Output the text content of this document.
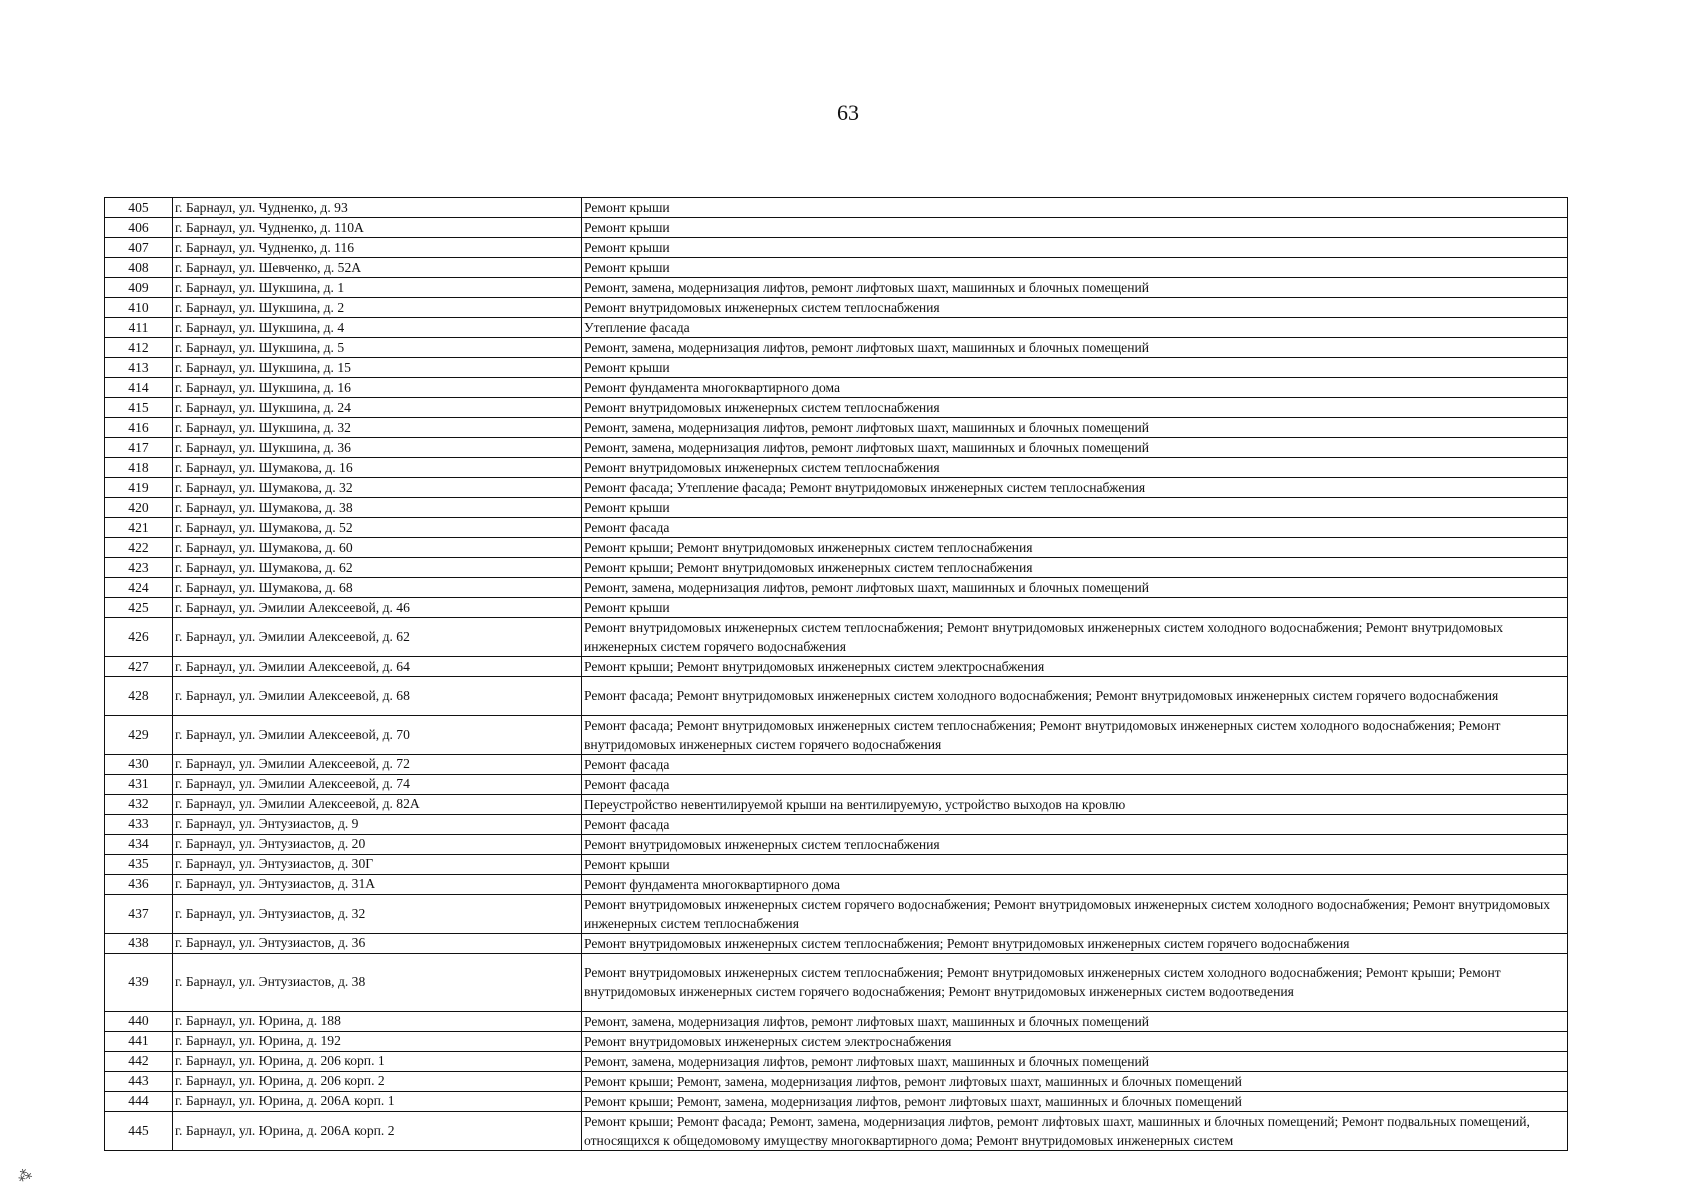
63
405	г. Барнаул, ул. Чудненко, д. 93	Ремонт крыши
406	г. Барнаул, ул. Чудненко, д. 110А	Ремонт крыши
407	г. Барнаул, ул. Чудненко, д. 116	Ремонт крыши
408	г. Барнаул, ул. Шевченко, д. 52А	Ремонт крыши
409	г. Барнаул, ул. Шукшина, д. 1	Ремонт, замена, модернизация лифтов, ремонт лифтовых шахт, машинных и блочных помещений
410	г. Барнаул, ул. Шукшина, д. 2	Ремонт внутридомовых инженерных систем теплоснабжения
411	г. Барнаул, ул. Шукшина, д. 4	Утепление фасада
412	г. Барнаул, ул. Шукшина, д. 5	Ремонт, замена, модернизация лифтов, ремонт лифтовых шахт, машинных и блочных помещений
413	г. Барнаул, ул. Шукшина, д. 15	Ремонт крыши
414	г. Барнаул, ул. Шукшина, д. 16	Ремонт фундамента многоквартирного дома
415	г. Барнаул, ул. Шукшина, д. 24	Ремонт внутридомовых инженерных систем теплоснабжения
416	г. Барнаул, ул. Шукшина, д. 32	Ремонт, замена, модернизация лифтов, ремонт лифтовых шахт, машинных и блочных помещений
417	г. Барнаул, ул. Шукшина, д. 36	Ремонт, замена, модернизация лифтов, ремонт лифтовых шахт, машинных и блочных помещений
418	г. Барнаул, ул. Шумакова, д. 16	Ремонт внутридомовых инженерных систем теплоснабжения
419	г. Барнаул, ул. Шумакова, д. 32	Ремонт фасада; Утепление фасада; Ремонт внутридомовых инженерных систем теплоснабжения
420	г. Барнаул, ул. Шумакова, д. 38	Ремонт крыши
421	г. Барнаул, ул. Шумакова, д. 52	Ремонт фасада
422	г. Барнаул, ул. Шумакова, д. 60	Ремонт крыши; Ремонт внутридомовых инженерных систем теплоснабжения
423	г. Барнаул, ул. Шумакова, д. 62	Ремонт крыши; Ремонт внутридомовых инженерных систем теплоснабжения
424	г. Барнаул, ул. Шумакова, д. 68	Ремонт, замена, модернизация лифтов, ремонт лифтовых шахт, машинных и блочных помещений
425	г. Барнаул, ул. Эмилии Алексеевой, д. 46	Ремонт крыши
426	г. Барнаул, ул. Эмилии Алексеевой, д. 62	Ремонт внутридомовых инженерных систем теплоснабжения; Ремонт внутридомовых инженерных систем холодного водоснабжения; Ремонт внутридомовых инженерных систем горячего водоснабжения
427	г. Барнаул, ул. Эмилии Алексеевой, д. 64	Ремонт крыши; Ремонт внутридомовых инженерных систем электроснабжения
428	г. Барнаул, ул. Эмилии Алексеевой, д. 68	Ремонт фасада; Ремонт внутридомовых инженерных систем холодного водоснабжения; Ремонт внутридомовых инженерных систем горячего водоснабжения
429	г. Барнаул, ул. Эмилии Алексеевой, д. 70	Ремонт фасада; Ремонт внутридомовых инженерных систем теплоснабжения; Ремонт внутридомовых инженерных систем холодного водоснабжения; Ремонт внутридомовых инженерных систем горячего водоснабжения
430	г. Барнаул, ул. Эмилии Алексеевой, д. 72	Ремонт фасада
431	г. Барнаул, ул. Эмилии Алексеевой, д. 74	Ремонт фасада
432	г. Барнаул, ул. Эмилии Алексеевой, д. 82А	Переустройство невентилируемой крыши на вентилируемую, устройство выходов на кровлю
433	г. Барнаул, ул. Энтузиастов, д. 9	Ремонт фасада
434	г. Барнаул, ул. Энтузиастов, д. 20	Ремонт внутридомовых инженерных систем теплоснабжения
435	г. Барнаул, ул. Энтузиастов, д. 30Г	Ремонт крыши
436	г. Барнаул, ул. Энтузиастов, д. 31А	Ремонт фундамента многоквартирного дома
437	г. Барнаул, ул. Энтузиастов, д. 32	Ремонт внутридомовых инженерных систем горячего водоснабжения; Ремонт внутридомовых инженерных систем холодного водоснабжения; Ремонт внутридомовых инженерных систем теплоснабжения
438	г. Барнаул, ул. Энтузиастов, д. 36	Ремонт внутридомовых инженерных систем теплоснабжения; Ремонт внутридомовых инженерных систем горячего водоснабжения
439	г. Барнаул, ул. Энтузиастов, д. 38	Ремонт внутридомовых инженерных систем теплоснабжения; Ремонт внутридомовых инженерных систем холодного водоснабжения; Ремонт крыши; Ремонт внутридомовых инженерных систем горячего водоснабжения; Ремонт внутридомовых инженерных систем водоотведения
440	г. Барнаул, ул. Юрина, д. 188	Ремонт, замена, модернизация лифтов, ремонт лифтовых шахт, машинных и блочных помещений
441	г. Барнаул, ул. Юрина, д. 192	Ремонт внутридомовых инженерных систем электроснабжения
442	г. Барнаул, ул. Юрина, д. 206 корп. 1	Ремонт, замена, модернизация лифтов, ремонт лифтовых шахт, машинных и блочных помещений
443	г. Барнаул, ул. Юрина, д. 206 корп. 2	Ремонт крыши; Ремонт, замена, модернизация лифтов, ремонт лифтовых шахт, машинных и блочных помещений
444	г. Барнаул, ул. Юрина, д. 206А корп. 1	Ремонт крыши; Ремонт, замена, модернизация лифтов, ремонт лифтовых шахт, машинных и блочных помещений
445	г. Барнаул, ул. Юрина, д. 206А корп. 2	Ремонт крыши; Ремонт фасада; Ремонт, замена, модернизация лифтов, ремонт лифтовых шахт, машинных и блочных помещений; Ремонт подвальных помещений, относящихся к общедомовому имуществу многоквартирного дома; Ремонт внутридомовых инженерных систем
⁂
